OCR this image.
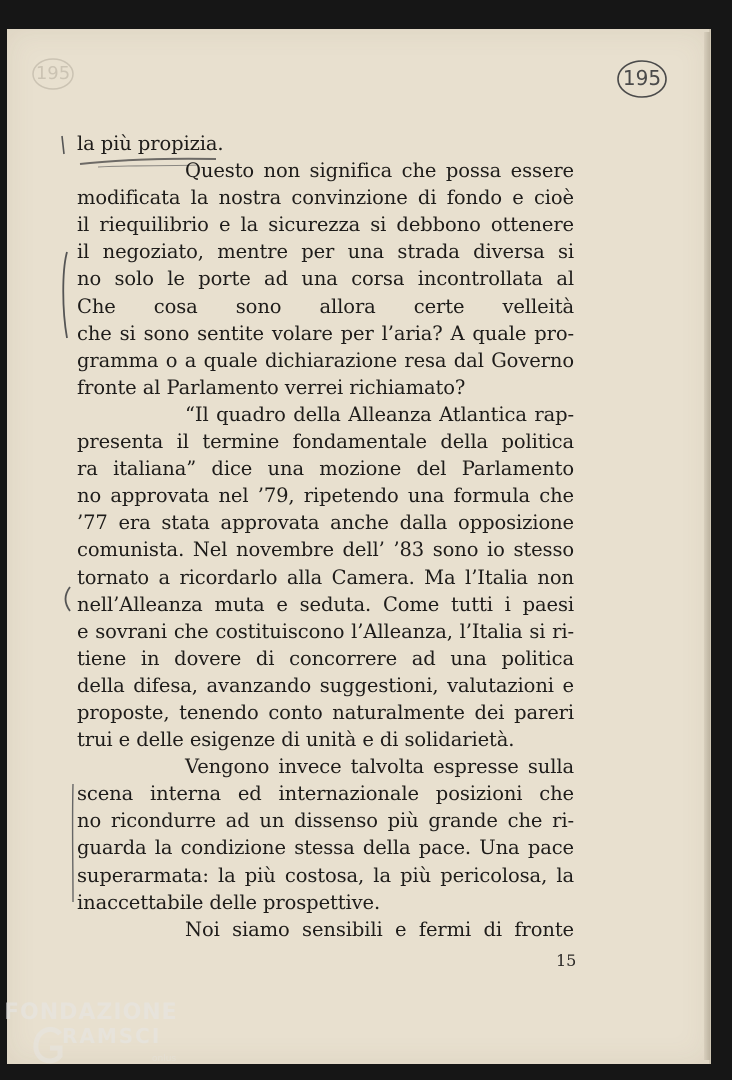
195	195
la più propizia.
Questo non significa che possa essere
modificata la nostra convinzione di fondo e cioè
il riequilibrio e la sicurezza si debbono ottenere
il negoziato, mentre per una strada diversa si
no solo le porte ad una corsa incontrollata al
Che cosa sono allora certe velleità
che si sono sentite volare per l’aria? A quale pro-
gramma o a quale dichiarazione resa dal Governo
fronte al Parlamento verrei richiamato?
“Il quadro della Alleanza Atlantica rap-
presenta il termine fondamentale della politica
ra italiana” dice una mozione del Parlamento
no approvata nel ’79, ripetendo una formula che
’77 era stata approvata anche dalla opposizione
comunista. Nel novembre dell’ ’83 sono io stesso
tornato a ricordarlo alla Camera. Ma l’Italia non
nell’Alleanza muta e seduta. Come tutti i paesi
e sovrani che costituiscono l’Alleanza, l’Italia si ri-
tiene in dovere di concorrere ad una politica
della difesa, avanzando suggestioni, valutazioni e
proposte, tenendo conto naturalmente dei pareri
trui e delle esigenze di unità e di solidarietà.
Vengono invece talvolta espresse sulla
scena interna ed internazionale posizioni che
no ricondurre ad un dissenso più grande che ri-
guarda la condizione stessa della pace. Una pace
superarmata: la più costosa, la più pericolosa, la
inaccettabile delle prospettive.
Noi siamo sensibili e fermi di fronte
15
FONDAZIONE
RAMSCI
onlus
